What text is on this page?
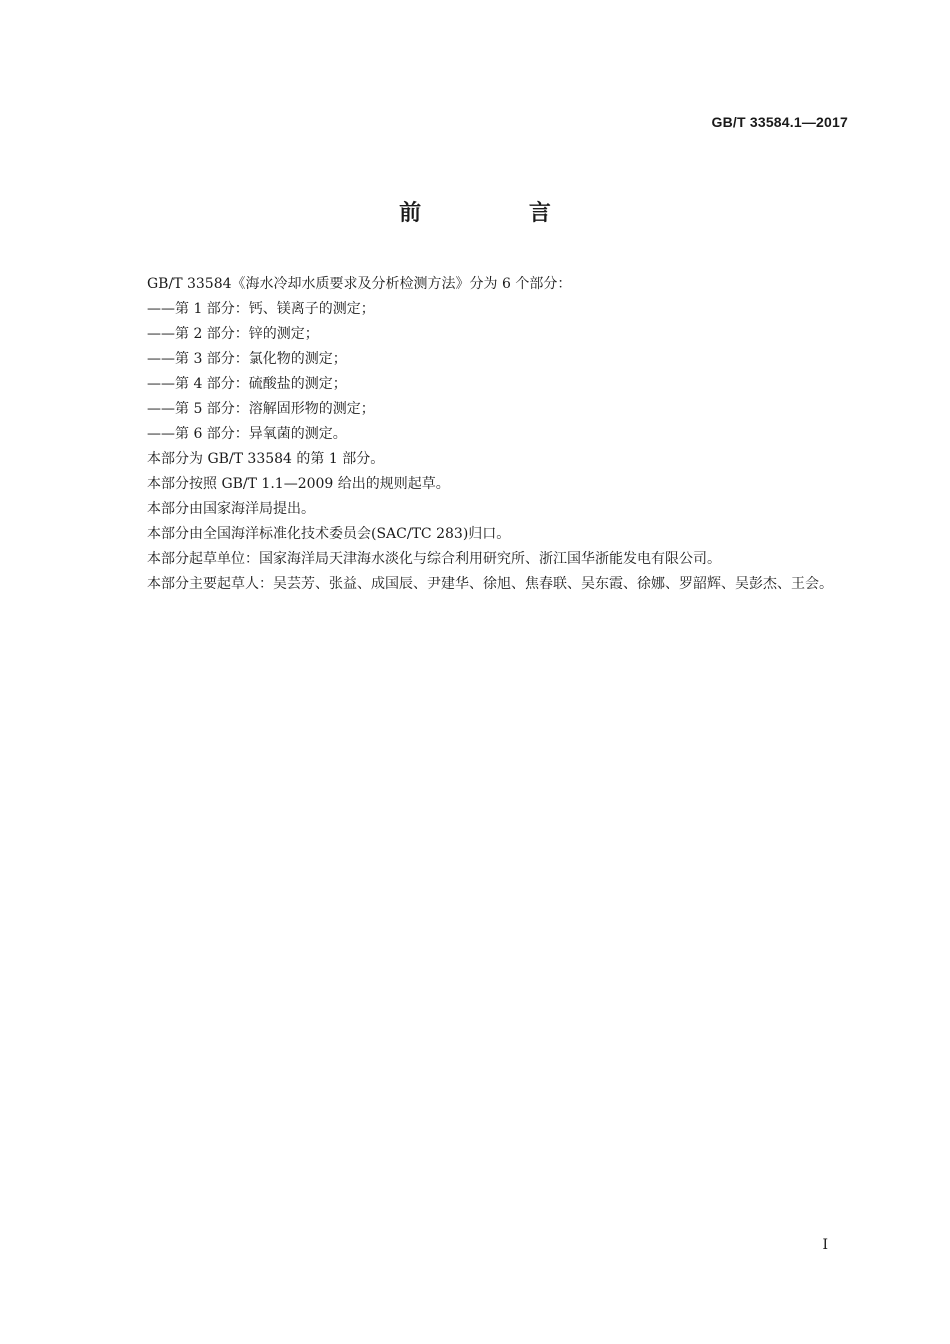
GB/T 33584.1—2017
前 言

GB/T 33584《海水冷却水质要求及分析检测方法》分为 6 个部分：

——第 1 部分：钙、镁离子的测定；

——第 2 部分：锌的测定；

——第 3 部分：氯化物的测定；

——第 4 部分：硫酸盐的测定；

——第 5 部分：溶解固形物的测定；

——第 6 部分：异氧菌的测定。

本部分为 GB/T 33584 的第 1 部分。

本部分按照 GB/T 1.1—2009 给出的规则起草。

本部分由国家海洋局提出。

本部分由全国海洋标准化技术委员会(SAC/TC 283)归口。

本部分起草单位：国家海洋局天津海水淡化与综合利用研究所、浙江国华浙能发电有限公司。

本部分主要起草人：吴芸芳、张益、成国辰、尹建华、徐旭、焦春联、吴东霞、徐娜、罗韶辉、吴彭杰、王会。

I
